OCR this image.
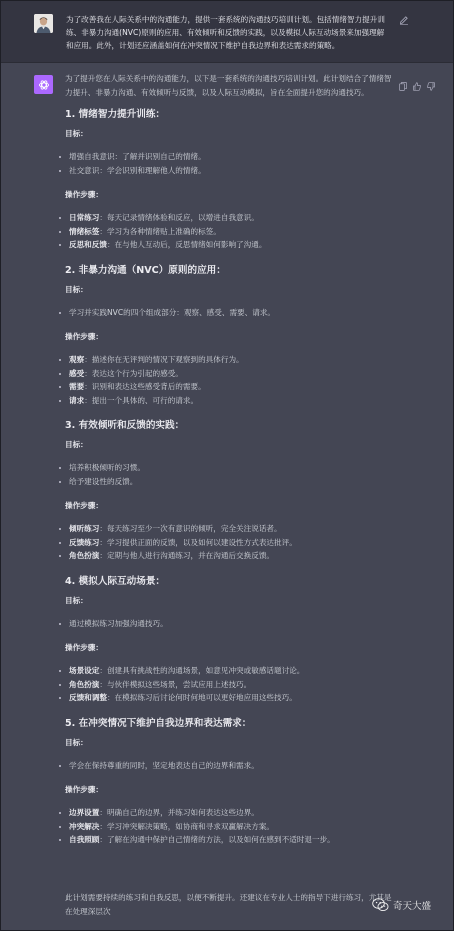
为了改善我在人际关系中的沟通能力，提供一套系统的沟通技巧培训计划。包括情绪智力提升训练、非暴力沟通(NVC)原则的应用、有效倾听和反馈的实践，以及模拟人际互动场景来加强理解和应用。此外，计划还应涵盖如何在冲突情况下维护自我边界和表达需求的策略。
为了提升您在人际关系中的沟通能力，以下是一套系统的沟通技巧培训计划。此计划结合了情绪智力提升、非暴力沟通、有效倾听与反馈，以及人际互动模拟，旨在全面提升您的沟通技巧。
1. 情绪智力提升训练：
目标：
增强自我意识：了解并识别自己的情绪。
社交意识：学会识别和理解他人的情绪。
操作步骤：
日常练习：每天记录情绪体验和反应，以增进自我意识。
情绪标签：学习为各种情绪贴上准确的标签。
反思和反馈：在与他人互动后，反思情绪如何影响了沟通。
2. 非暴力沟通（NVC）原则的应用：
目标：
学习并实践NVC的四个组成部分：观察、感受、需要、请求。
操作步骤：
观察：描述你在无评判的情况下观察到的具体行为。
感受：表达这个行为引起的感受。
需要：识别和表达这些感受背后的需要。
请求：提出一个具体的、可行的请求。
3. 有效倾听和反馈的实践：
目标：
培养积极倾听的习惯。
给予建设性的反馈。
操作步骤：
倾听练习：每天练习至少一次有意识的倾听，完全关注说话者。
反馈练习：学习提供正面的反馈，以及如何以建设性方式表达批评。
角色扮演：定期与他人进行沟通练习，并在沟通后交换反馈。
4. 模拟人际互动场景：
目标：
通过模拟练习加强沟通技巧。
操作步骤：
场景设定：创建具有挑战性的沟通场景，如意见冲突或敏感话题讨论。
角色扮演：与伙伴模拟这些场景，尝试应用上述技巧。
反馈和调整：在模拟练习后讨论何时何地可以更好地应用这些技巧。
5. 在冲突情况下维护自我边界和表达需求：
目标：
学会在保持尊重的同时，坚定地表达自己的边界和需求。
操作步骤：
边界设置：明确自己的边界，并练习如何表达这些边界。
冲突解决：学习冲突解决策略，如协商和寻求双赢解决方案。
自我照顾：了解在沟通中保护自己情绪的方法，以及如何在感到不适时退一步。
此计划需要持续的练习和自我反思，以便不断提升。还建议在专业人士的指导下进行练习，尤其是在处理深层次	奇天大盛
